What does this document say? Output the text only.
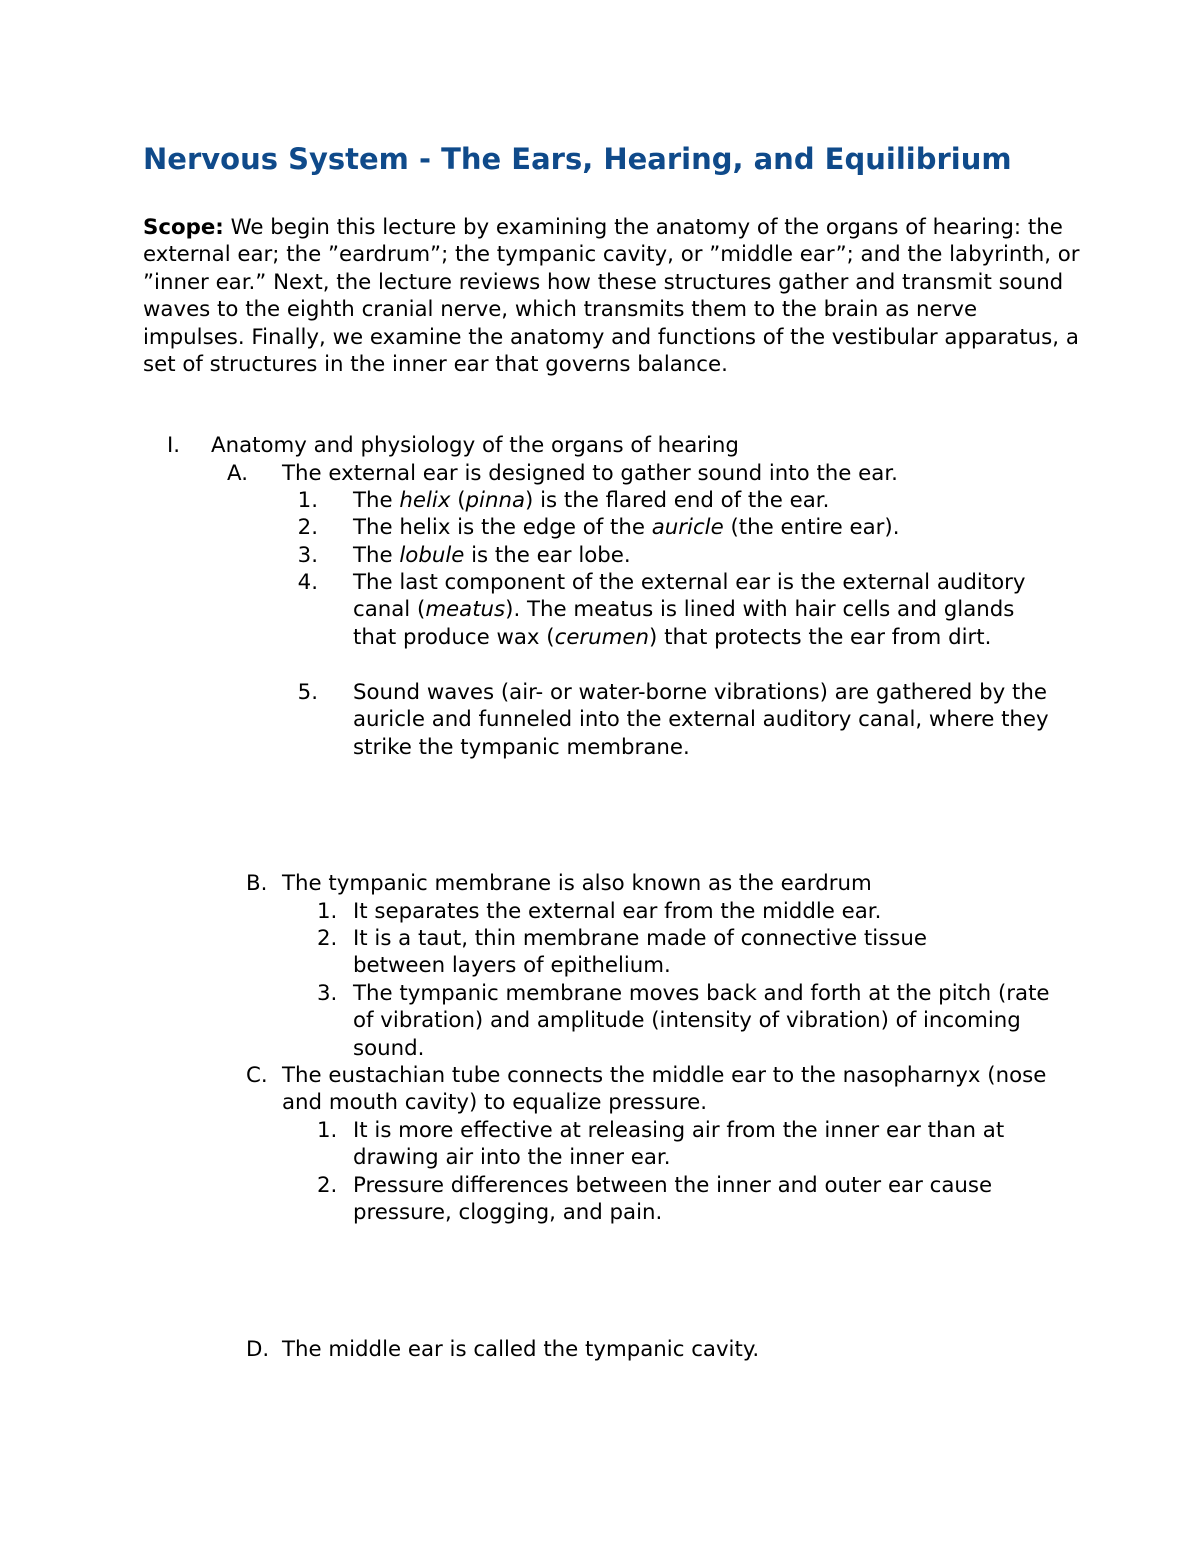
Nervous System - The Ears, Hearing, and Equilibrium

Scope: We begin this lecture by examining the anatomy of the organs of hearing: the external ear; the ”eardrum”; the tympanic cavity, or ”middle ear”; and the labyrinth, or ”inner ear.” Next, the lecture reviews how these structures gather and transmit sound waves to the eighth cranial nerve, which transmits them to the brain as nerve impulses. Finally, we examine the anatomy and functions of the vestibular apparatus, a set of structures in the inner ear that governs balance.

I. Anatomy and physiology of the organs of hearing
A. The external ear is designed to gather sound into the ear.
1. The helix (pinna) is the flared end of the ear.
2. The helix is the edge of the auricle (the entire ear).
3. The lobule is the ear lobe.
4. The last component of the external ear is the external auditory canal (meatus). The meatus is lined with hair cells and glands that produce wax (cerumen) that protects the ear from dirt.
5. Sound waves (air- or water-borne vibrations) are gathered by the auricle and funneled into the external auditory canal, where they strike the tympanic membrane.
B. The tympanic membrane is also known as the eardrum
1. It separates the external ear from the middle ear.
2. It is a taut, thin membrane made of connective tissue between layers of epithelium.
3. The tympanic membrane moves back and forth at the pitch (rate of vibration) and amplitude (intensity of vibration) of incoming sound.
C. The eustachian tube connects the middle ear to the nasopharnyx (nose and mouth cavity) to equalize pressure.
1. It is more effective at releasing air from the inner ear than at drawing air into the inner ear.
2. Pressure differences between the inner and outer ear cause pressure, clogging, and pain.
D. The middle ear is called the tympanic cavity.
